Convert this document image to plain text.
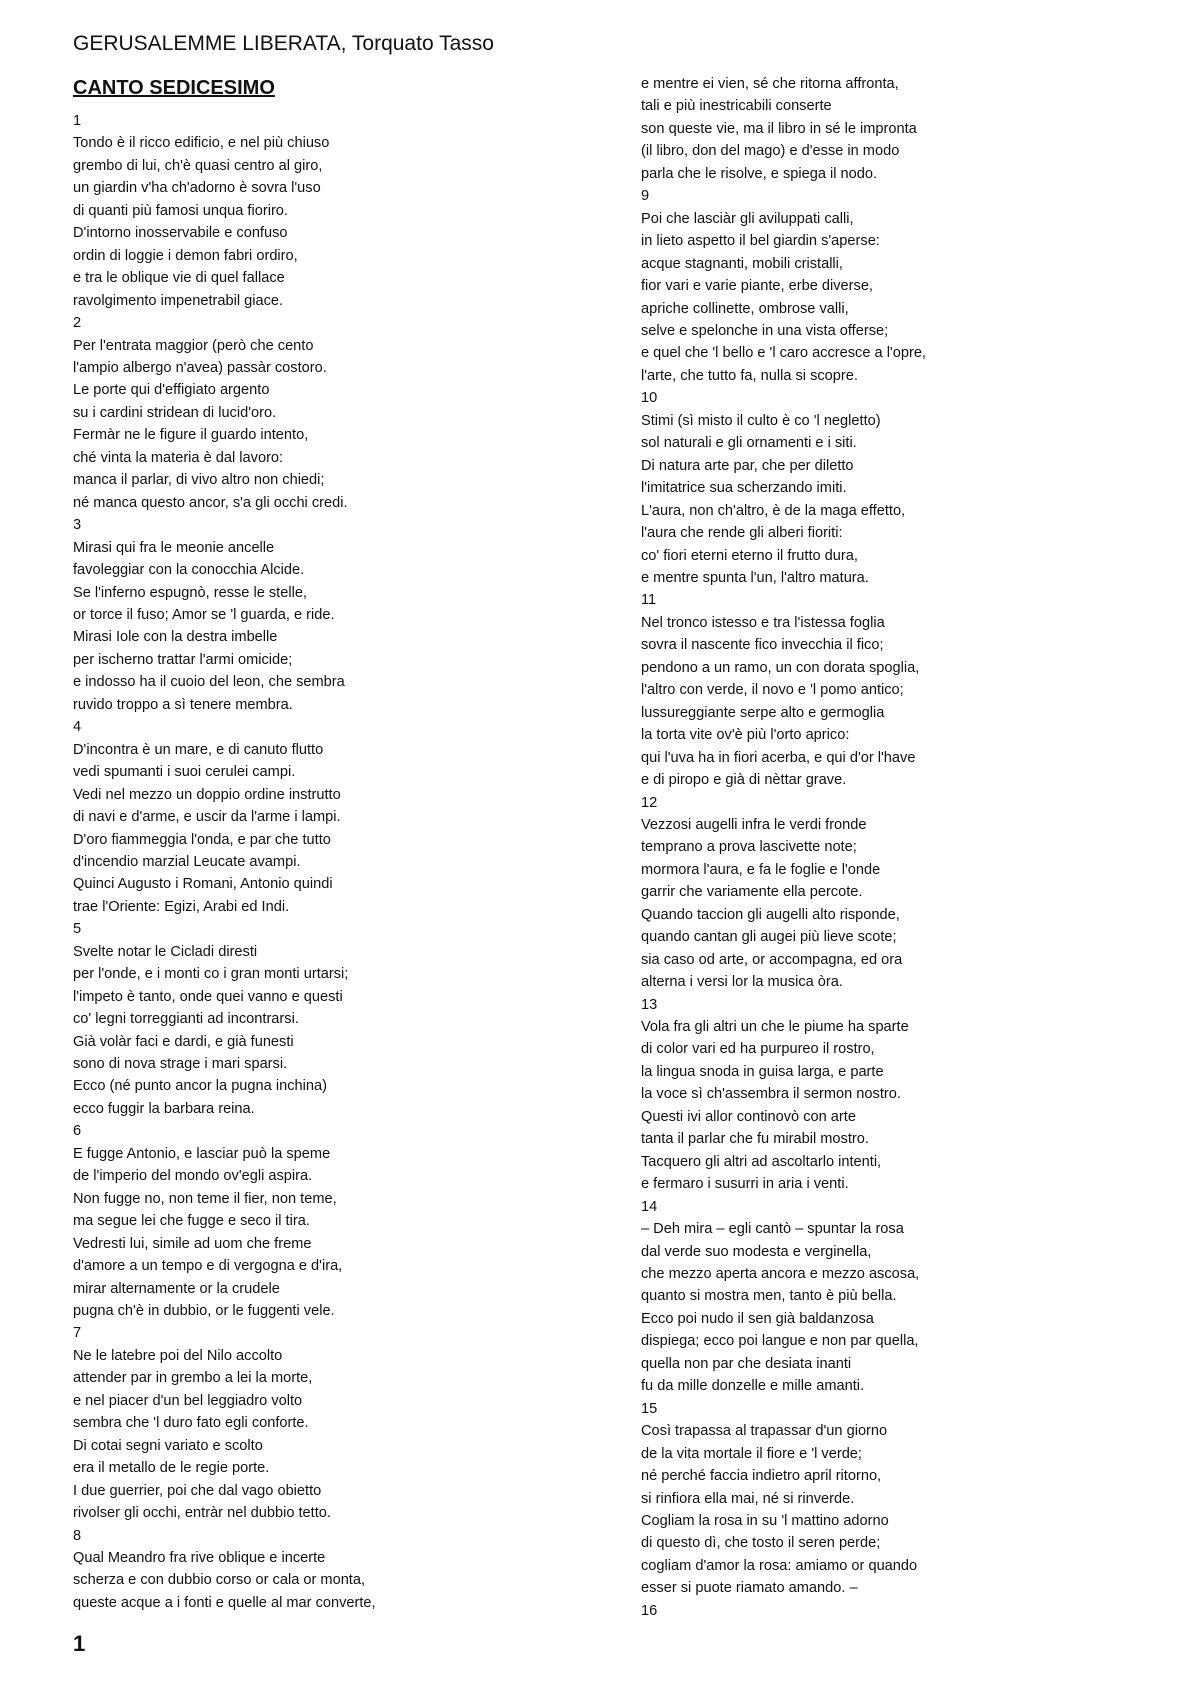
GERUSALEMME LIBERATA, Torquato Tasso
CANTO SEDICESIMO
1
Tondo è il ricco edificio, e nel più chiuso
grembo di lui, ch'è quasi centro al giro,
un giardin v'ha ch'adorno è sovra l'uso
di quanti più famosi unqua fioriro.
D'intorno inosservabile e confuso
ordin di loggie i demon fabri ordiro,
e tra le oblique vie di quel fallace
ravolgimento impenetrabil giace.
2
Per l'entrata maggior (però che cento
l'ampio albergo n'avea) passàr costoro.
Le porte qui d'effigiato argento
su i cardini stridean di lucid'oro.
Fermàr ne le figure il guardo intento,
ché vinta la materia è dal lavoro:
manca il parlar, di vivo altro non chiedi;
né manca questo ancor, s'a gli occhi credi.
3
Mirasi qui fra le meonie ancelle
favoleggiar con la conocchia Alcide.
Se l'inferno espugnò, resse le stelle,
or torce il fuso; Amor se 'l guarda, e ride.
Mirasi Iole con la destra imbelle
per ischerno trattar l'armi omicide;
e indosso ha il cuoio del leon, che sembra
ruvido troppo a sì tenere membra.
4
D'incontra è un mare, e di canuto flutto
vedi spumanti i suoi cerulei campi.
Vedi nel mezzo un doppio ordine instrutto
di navi e d'arme, e uscir da l'arme i lampi.
D'oro fiammeggia l'onda, e par che tutto
d'incendio marzial Leucate avampi.
Quinci Augusto i Romani, Antonio quindi
trae l'Oriente: Egizi, Arabi ed Indi.
5
Svelte notar le Cicladi diresti
per l'onde, e i monti co i gran monti urtarsi;
l'impeto è tanto, onde quei vanno e questi
co' legni torreggianti ad incontrarsi.
Già volàr faci e dardi, e già funesti
sono di nova strage i mari sparsi.
Ecco (né punto ancor la pugna inchina)
ecco fuggir la barbara reina.
6
E fugge Antonio, e lasciar può la speme
de l'imperio del mondo ov'egli aspira.
Non fugge no, non teme il fier, non teme,
ma segue lei che fugge e seco il tira.
Vedresti lui, simile ad uom che freme
d'amore a un tempo e di vergogna e d'ira,
mirar alternamente or la crudele
pugna ch'è in dubbio, or le fuggenti vele.
7
Ne le latebre poi del Nilo accolto
attender par in grembo a lei la morte,
e nel piacer d'un bel leggiadro volto
sembra che 'l duro fato egli conforte.
Di cotai segni variato e scolto
era il metallo de le regie porte.
I due guerrier, poi che dal vago obietto
rivolser gli occhi, entràr nel dubbio tetto.
8
Qual Meandro fra rive oblique e incerte
scherza e con dubbio corso or cala or monta,
queste acque a i fonti e quelle al mar converte,
e mentre ei vien, sé che ritorna affronta,
tali e più inestricabili conserte
son queste vie, ma il libro in sé le impronta
(il libro, don del mago) e d'esse in modo
parla che le risolve, e spiega il nodo.
9
Poi che lasciàr gli aviluppati calli,
in lieto aspetto il bel giardin s'aperse:
acque stagnanti, mobili cristalli,
fior vari e varie piante, erbe diverse,
apriche collinette, ombrose valli,
selve e spelonche in una vista offerse;
e quel che 'l bello e 'l caro accresce a l'opre,
l'arte, che tutto fa, nulla si scopre.
10
Stimi (sì misto il culto è co 'l negletto)
sol naturali e gli ornamenti e i siti.
Di natura arte par, che per diletto
l'imitatrice sua scherzando imiti.
L'aura, non ch'altro, è de la maga effetto,
l'aura che rende gli alberi fioriti:
co' fiori eterni eterno il frutto dura,
e mentre spunta l'un, l'altro matura.
11
Nel tronco istesso e tra l'istessa foglia
sovra il nascente fico invecchia il fico;
pendono a un ramo, un con dorata spoglia,
l'altro con verde, il novo e 'l pomo antico;
lussureggiante serpe alto e germoglia
la torta vite ov'è più l'orto aprico:
qui l'uva ha in fiori acerba, e qui d'or l'have
e di piropo e già di nèttar grave.
12
Vezzosi augelli infra le verdi fronde
temprano a prova lascivette note;
mormora l'aura, e fa le foglie e l'onde
garrir che variamente ella percote.
Quando taccion gli augelli alto risponde,
quando cantan gli augei più lieve scote;
sia caso od arte, or accompagna, ed ora
alterna i versi lor la musica òra.
13
Vola fra gli altri un che le piume ha sparte
di color vari ed ha purpureo il rostro,
la lingua snoda in guisa larga, e parte
la voce sì ch'assembra il sermon nostro.
Questi ivi allor continovò con arte
tanta il parlar che fu mirabil mostro.
Tacquero gli altri ad ascoltarlo intenti,
e fermaro i susurri in aria i venti.
14
– Deh mira – egli cantò – spuntar la rosa
dal verde suo modesta e verginella,
che mezzo aperta ancora e mezzo ascosa,
quanto si mostra men, tanto è più bella.
Ecco poi nudo il sen già baldanzosa
dispiega; ecco poi langue e non par quella,
quella non par che desiata inanti
fu da mille donzelle e mille amanti.
15
Così trapassa al trapassar d'un giorno
de la vita mortale il fiore e 'l verde;
né perché faccia indietro april ritorno,
si rinfiora ella mai, né si rinverde.
Cogliam la rosa in su 'l mattino adorno
di questo dì, che tosto il seren perde;
cogliam d'amor la rosa: amiamo or quando
esser si puote riamato amando. –
16
1
